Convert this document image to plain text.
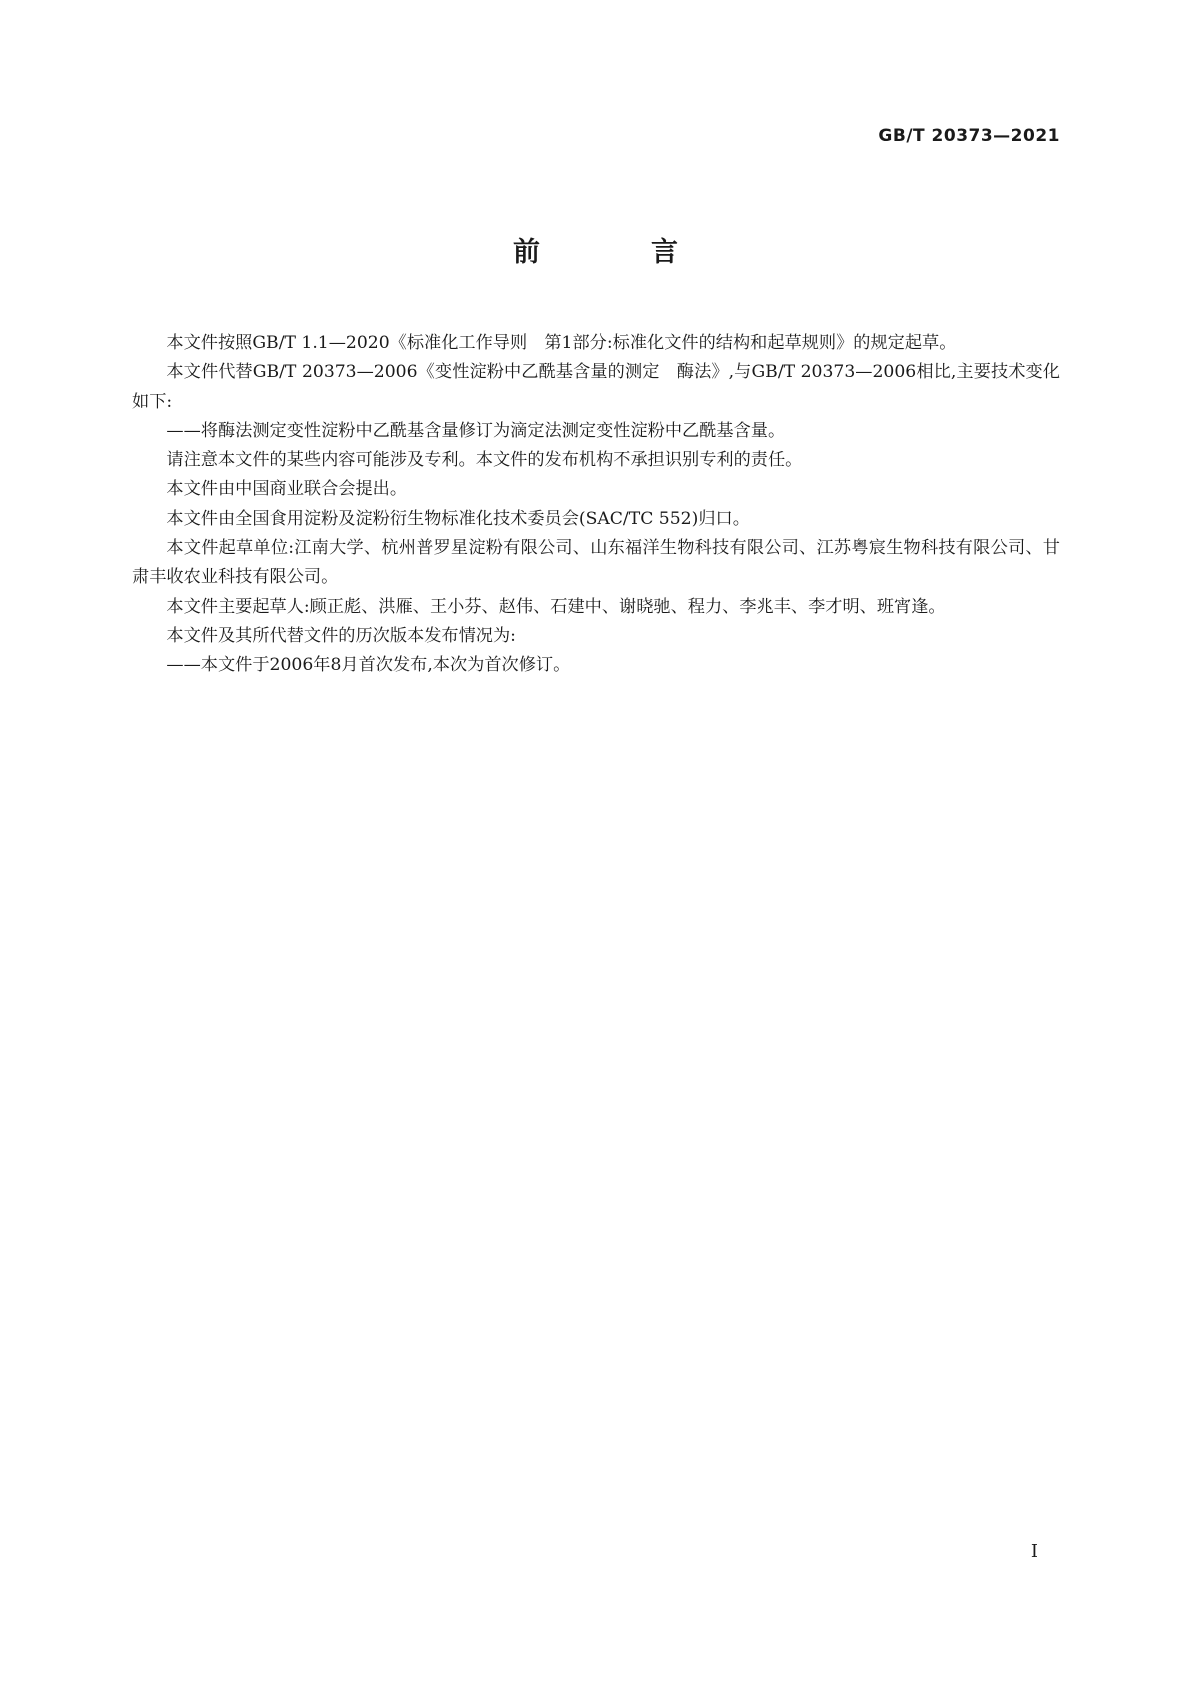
GB/T 20373—2021
前　言

本文件按照GB/T 1.1—2020《标准化工作导则　第1部分:标准化文件的结构和起草规则》的规定起草。

本文件代替GB/T 20373—2006《变性淀粉中乙酰基含量的测定　酶法》,与GB/T 20373—2006相比,主要技术变化如下:

——将酶法测定变性淀粉中乙酰基含量修订为滴定法测定变性淀粉中乙酰基含量。

请注意本文件的某些内容可能涉及专利。本文件的发布机构不承担识别专利的责任。

本文件由中国商业联合会提出。

本文件由全国食用淀粉及淀粉衍生物标准化技术委员会(SAC/TC 552)归口。

本文件起草单位:江南大学、杭州普罗星淀粉有限公司、山东福洋生物科技有限公司、江苏粤宸生物科技有限公司、甘肃丰收农业科技有限公司。

本文件主要起草人:顾正彪、洪雁、王小芬、赵伟、石建中、谢晓驰、程力、李兆丰、李才明、班宵逢。

本文件及其所代替文件的历次版本发布情况为:

——本文件于2006年8月首次发布,本次为首次修订。

I
